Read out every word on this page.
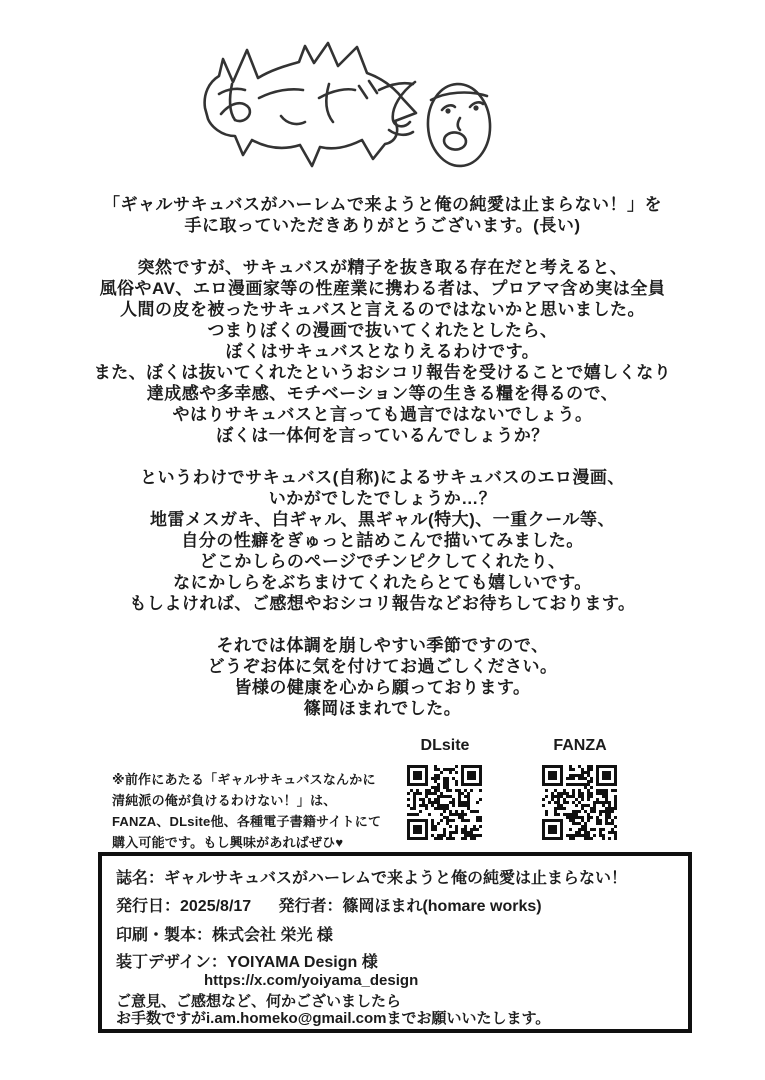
「ギャルサキュバスがハーレムで来ようと俺の純愛は止まらない！」を
手に取っていただきありがとうございます。(長い)
突然ですが、サキュバスが精子を抜き取る存在だと考えると、
風俗やAV、エロ漫画家等の性産業に携わる者は、プロアマ含め実は全員
人間の皮を被ったサキュバスと言えるのではないかと思いました。
つまりぼくの漫画で抜いてくれたとしたら、
ぼくはサキュバスとなりえるわけです。
また、ぼくは抜いてくれたというおシコリ報告を受けることで嬉しくなり
達成感や多幸感、モチベーション等の生きる糧を得るので、
やはりサキュバスと言っても過言ではないでしょう。
ぼくは一体何を言っているんでしょうか？
というわけでサキュバス(自称)によるサキュバスのエロ漫画、
いかがでしたでしょうか…？
地雷メスガキ、白ギャル、黒ギャル(特大)、一重クール等、
自分の性癖をぎゅっと詰めこんで描いてみました。
どこかしらのページでチンピクしてくれたり、
なにかしらをぶちまけてくれたらとても嬉しいです。
もしよければ、ご感想やおシコリ報告などお待ちしております。
それでは体調を崩しやすい季節ですので、
どうぞお体に気を付けてお過ごしください。
皆様の健康を心から願っております。
篠岡ほまれでした。
※前作にあたる「ギャルサキュバスなんかに
清純派の俺が負けるわけない！」は、
FANZA、DLsite他、各種電子書籍サイトにて
購入可能です。もし興味があればぜひ♥
DLsite	FANZA
誌名：ギャルサキュバスがハーレムで来ようと俺の純愛は止まらない！
発行日：2025/8/17 発行者：篠岡ほまれ(homare works)
印刷・製本：株式会社 栄光 様
装丁デザイン：YOIYAMA Design 様
https://x.com/yoiyama_design
ご意見、ご感想など、何かございましたら
お手数ですがi.am.homeko@gmail.comまでお願いいたします。
